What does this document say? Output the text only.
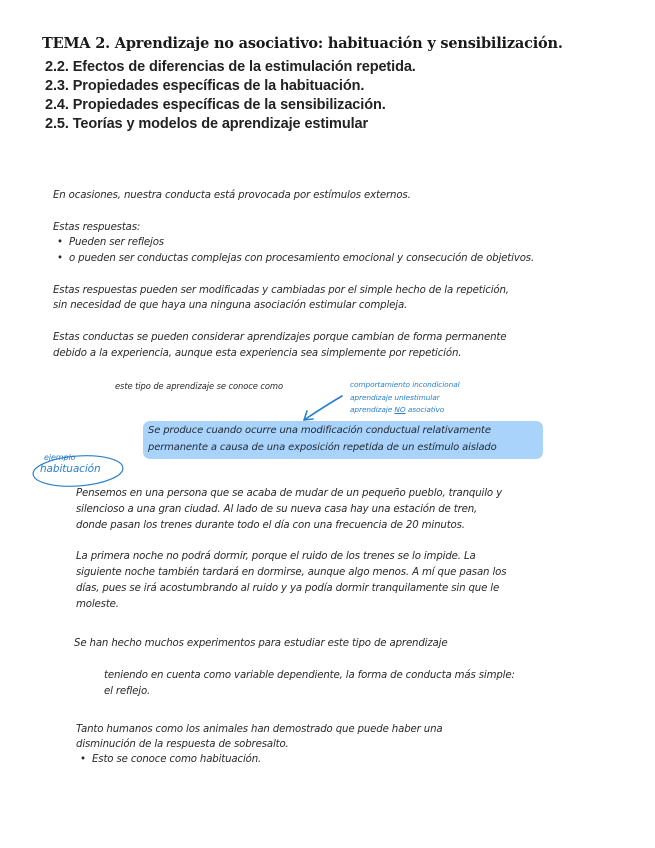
TEMA 2. Aprendizaje no asociativo: habituación y sensibilización.
2.2. Efectos de diferencias de la estimulación repetida.
2.3. Propiedades específicas de la habituación.
2.4. Propiedades específicas de la sensibilización.
2.5. Teorías y modelos de aprendizaje estimular
En ocasiones, nuestra conducta está provocada por estímulos externos.
Estas respuestas:
• Pueden ser reflejos
• o pueden ser conductas complejas con procesamiento emocional y consecución de objetivos.
Estas respuestas pueden ser modificadas y cambiadas por el simple hecho de la repetición,
sin necesidad de que haya una ninguna asociación estimular compleja.
Estas conductas se pueden considerar aprendizajes porque cambian de forma permanente
debido a la experiencia, aunque esta experiencia sea simplemente por repetición.
este tipo de aprendizaje se conoce como	comportamiento incondicional
aprendizaje unIestimular
aprendizaje NO asociativo
Se produce cuando ocurre una modificación conductual relativamente
permanente a causa de una exposición repetida de un estímulo aislado
ejemplo
habituación
Pensemos en una persona que se acaba de mudar de un pequeño pueblo, tranquilo y
silencioso a una gran ciudad. Al lado de su nueva casa hay una estación de tren,
donde pasan los trenes durante todo el día con una frecuencia de 20 minutos.
La primera noche no podrá dormir, porque el ruido de los trenes se lo impide. La
siguiente noche también tardará en dormirse, aunque algo menos. A mí que pasan los
días, pues se irá acostumbrando al ruido y ya podía dormir tranquilamente sin que le
moleste.
Se han hecho muchos experimentos para estudiar este tipo de aprendizaje
teniendo en cuenta como variable dependiente, la forma de conducta más simple:
el reflejo.
Tanto humanos como los animales han demostrado que puede haber una
disminución de la respuesta de sobresalto.
• Esto se conoce como habituación.
